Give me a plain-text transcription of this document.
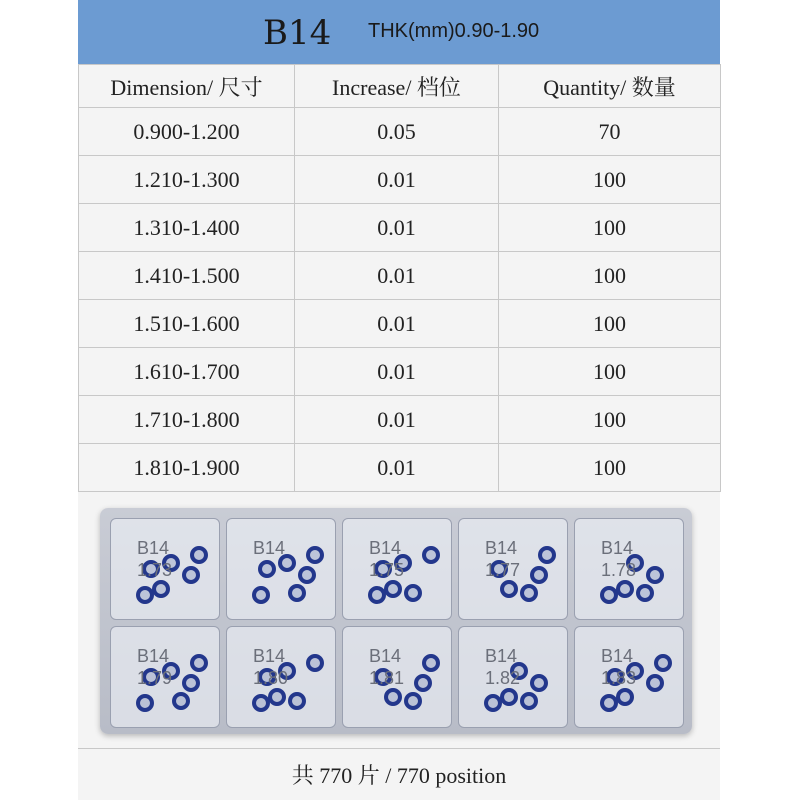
B14 THK(mm)0.90-1.90
Dimension/ 尺寸	Increase/ 档位	Quantity/ 数量
0.900-1.200	0.05	70
1.210-1.300	0.01	100
1.310-1.400	0.01	100
1.410-1.500	0.01	100
1.510-1.600	0.01	100
1.610-1.700	0.01	100
1.710-1.800	0.01	100
1.810-1.900	0.01	100
B14
1.73
B14	B14
1.75
B14
1.77
B14
1.78
B14
1.79
B14
1.80
B14
1.81
B14
1.82
B14
1.83
共 770 片 / 770 position
